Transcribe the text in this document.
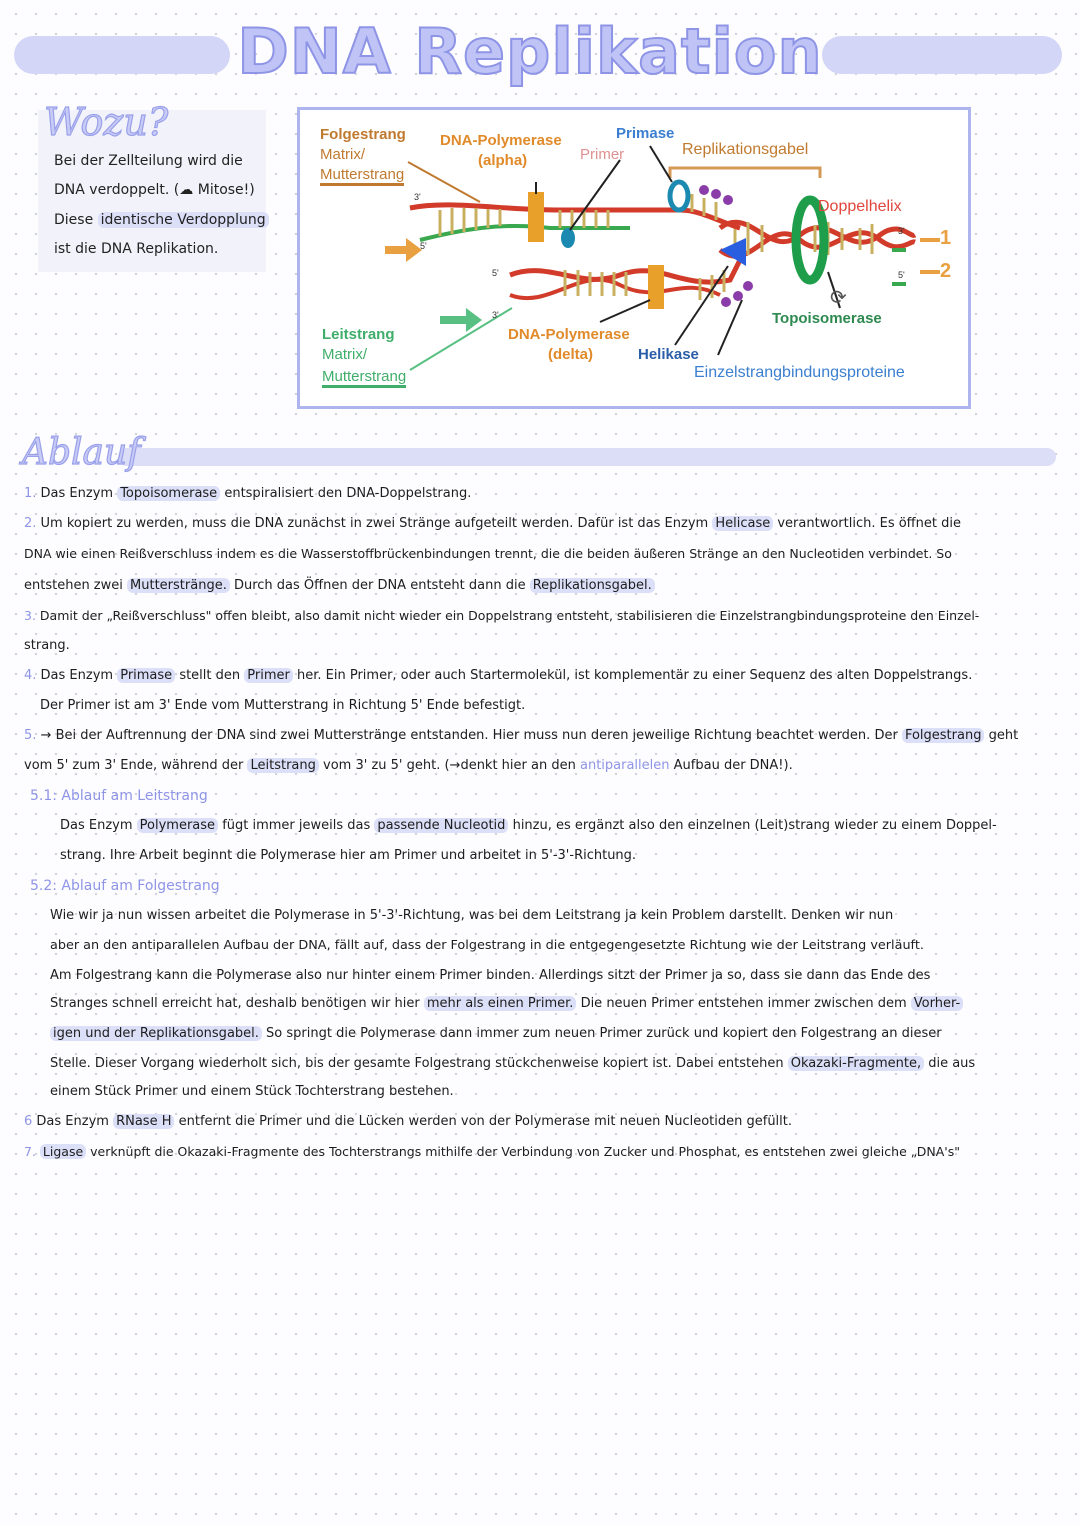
DNA Replikation
Wozu?
Bei der Zellteilung wird die
DNA verdoppelt. (☁ Mitose!)
Diese identische Verdopplung
ist die DNA Replikation.
⟳
Folgestrang
Matrix/
Mutterstrang
DNA-Polymerase
(alpha)	Primer
Primase
Replikationsgabel
Doppelhelix
1
2
Topoisomerase
Leitstrang
Matrix/
Mutterstrang
DNA-Polymerase
(delta)	Helikase
Einzelstrangbindungsproteine
3'
5'
5'
3'
3'
5'
Ablauf
1. Das Enzym Topoisomerase entspiralisiert den DNA-Doppelstrang.
2. Um kopiert zu werden, muss die DNA zunächst in zwei Stränge aufgeteilt werden. Dafür ist das Enzym Helicase verantwortlich. Es öffnet die
DNA wie einen Reißverschluss indem es die Wasserstoffbrückenbindungen trennt, die die beiden äußeren Stränge an den Nucleotiden verbindet. So
entstehen zwei Mutterstränge. Durch das Öffnen der DNA entsteht dann die Replikationsgabel.
3. Damit der „Reißverschluss" offen bleibt, also damit nicht wieder ein Doppelstrang entsteht, stabilisieren die Einzelstrangbindungsproteine den Einzel-
strang.
4. Das Enzym Primase stellt den Primer her. Ein Primer, oder auch Startermolekül, ist komplementär zu einer Sequenz des alten Doppelstrangs.
Der Primer ist am 3' Ende vom Mutterstrang in Richtung 5' Ende befestigt.
5. → Bei der Auftrennung der DNA sind zwei Mutterstränge entstanden. Hier muss nun deren jeweilige Richtung beachtet werden. Der Folgestrang geht
vom 5' zum 3' Ende, während der Leitstrang vom 3' zu 5' geht. (→denkt hier an den antiparallelen Aufbau der DNA!).
5.1: Ablauf am Leitstrang
Das Enzym Polymerase fügt immer jeweils das passende Nucleotid hinzu, es ergänzt also den einzelnen (Leit)strang wieder zu einem Doppel-
strang. Ihre Arbeit beginnt die Polymerase hier am Primer und arbeitet in 5'-3'-Richtung.
5.2: Ablauf am Folgestrang
Wie wir ja nun wissen arbeitet die Polymerase in 5'-3'-Richtung, was bei dem Leitstrang ja kein Problem darstellt. Denken wir nun
aber an den antiparallelen Aufbau der DNA, fällt auf, dass der Folgestrang in die entgegengesetzte Richtung wie der Leitstrang verläuft.
Am Folgestrang kann die Polymerase also nur hinter einem Primer binden. Allerdings sitzt der Primer ja so, dass sie dann das Ende des
Stranges schnell erreicht hat, deshalb benötigen wir hier mehr als einen Primer. Die neuen Primer entstehen immer zwischen dem Vorher-
igen und der Replikationsgabel. So springt die Polymerase dann immer zum neuen Primer zurück und kopiert den Folgestrang an dieser
Stelle. Dieser Vorgang wiederholt sich, bis der gesamte Folgestrang stückchenweise kopiert ist. Dabei entstehen Okazaki-Fragmente, die aus
einem Stück Primer und einem Stück Tochterstrang bestehen.
6 Das Enzym RNase H entfernt die Primer und die Lücken werden von der Polymerase mit neuen Nucleotiden gefüllt.
7. Ligase verknüpft die Okazaki-Fragmente des Tochterstrangs mithilfe der Verbindung von Zucker und Phosphat, es entstehen zwei gleiche „DNA's"
